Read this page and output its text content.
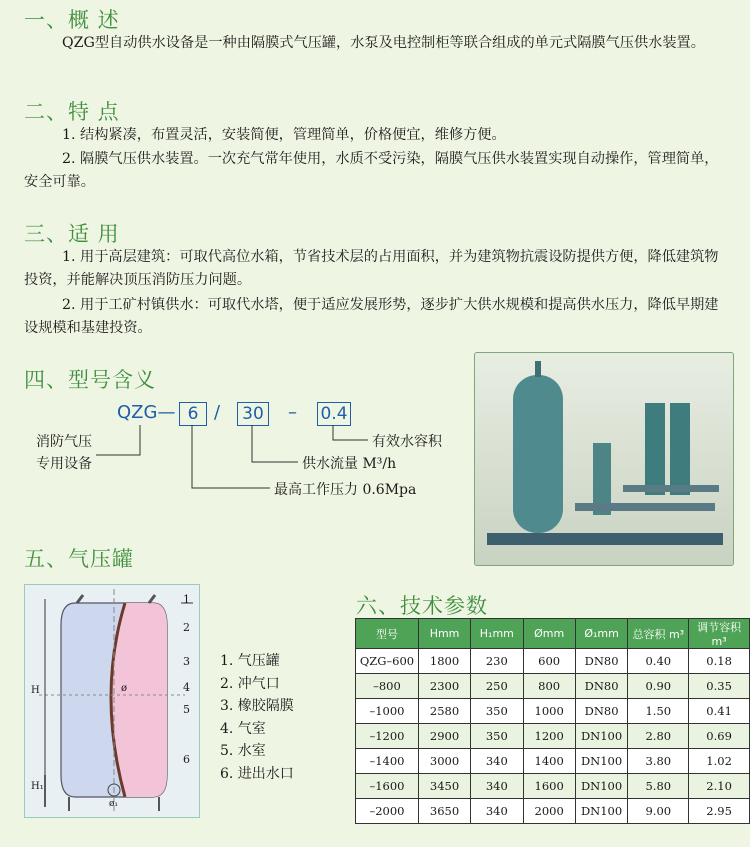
一、概 述
QZG型自动供水设备是一种由隔膜式气压罐，水泵及电控制柜等联合组成的单元式隔膜气压供水装置。
二、特 点
1. 结构紧凑，布置灵活，安装简便，管理简单，价格便宜，维修方便。
2. 隔膜气压供水装置。一次充气常年使用，水质不受污染，隔膜气压供水装置实现自动操作，管理简单，安全可靠。
三、适 用
1. 用于高层建筑：可取代高位水箱，节省技术层的占用面积，并为建筑物抗震设防提供方便，降低建筑物投资，并能解决顶压消防压力问题。
2. 用于工矿村镇供水：可取代水塔，便于适应发展形势，逐步扩大供水规模和提高供水压力，降低早期建设规模和基建投资。
四、型号含义
QZG— 6 /	30 – 0.4
有效水容积
供水流量 M³/h
最高工作压力 0.6Mpa
消防气压
专用设备
五、气压罐
H
H₁
ø
ø₁
1
2
3
4
5
6
1. 气压罐
2. 冲气口
3. 橡胶隔膜
4. 气室
5. 水室
6. 进出水口
六、技术参数
型号	Hmm	H₁mm	Ømm	Ø₁mm	总容积 m³	调节容积 m³
QZG–600	1800	230	600	DN80	0.40	0.18
–800	2300	250	800	DN80	0.90	0.35
–1000	2580	350	1000	DN80	1.50	0.41
–1200	2900	350	1200	DN100	2.80	0.69
–1400	3000	340	1400	DN100	3.80	1.02
–1600	3450	340	1600	DN100	5.80	2.10
–2000	3650	340	2000	DN100	9.00	2.95
